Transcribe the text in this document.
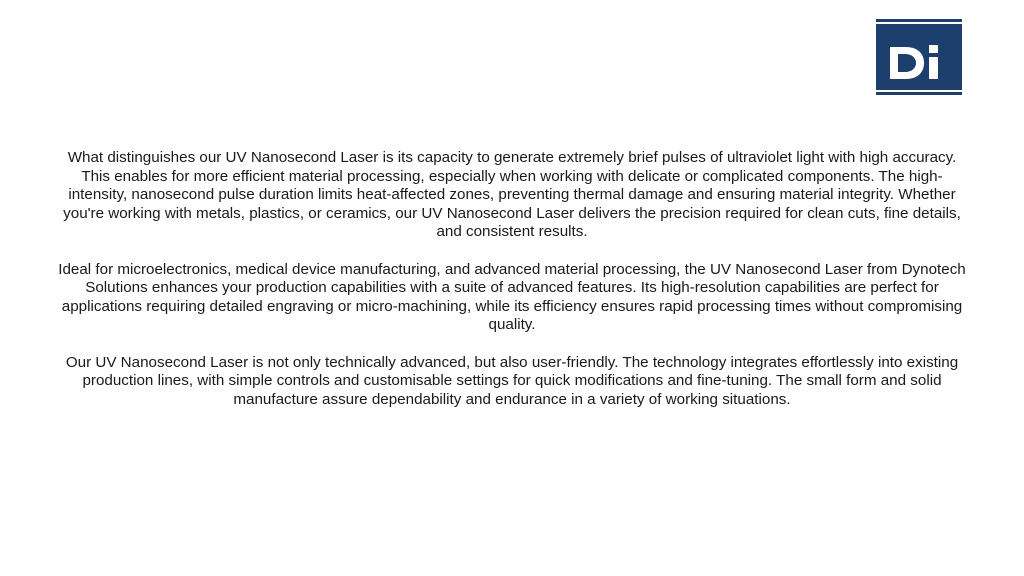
What distinguishes our UV Nanosecond Laser is its capacity to generate extremely brief pulses of ultraviolet light with high accuracy. This enables for more efficient material processing, especially when working with delicate or complicated components. The high-intensity, nanosecond pulse duration limits heat-affected zones, preventing thermal damage and ensuring material integrity. Whether you're working with metals, plastics, or ceramics, our UV Nanosecond Laser delivers the precision required for clean cuts, fine details, and consistent results.

Ideal for microelectronics, medical device manufacturing, and advanced material processing, the UV Nanosecond Laser from Dynotech Solutions enhances your production capabilities with a suite of advanced features. Its high-resolution capabilities are perfect for applications requiring detailed engraving or micro-machining, while its efficiency ensures rapid processing times without compromising quality.

Our UV Nanosecond Laser is not only technically advanced, but also user-friendly. The technology integrates effortlessly into existing production lines, with simple controls and customisable settings for quick modifications and fine-tuning. The small form and solid manufacture assure dependability and endurance in a variety of working situations.
